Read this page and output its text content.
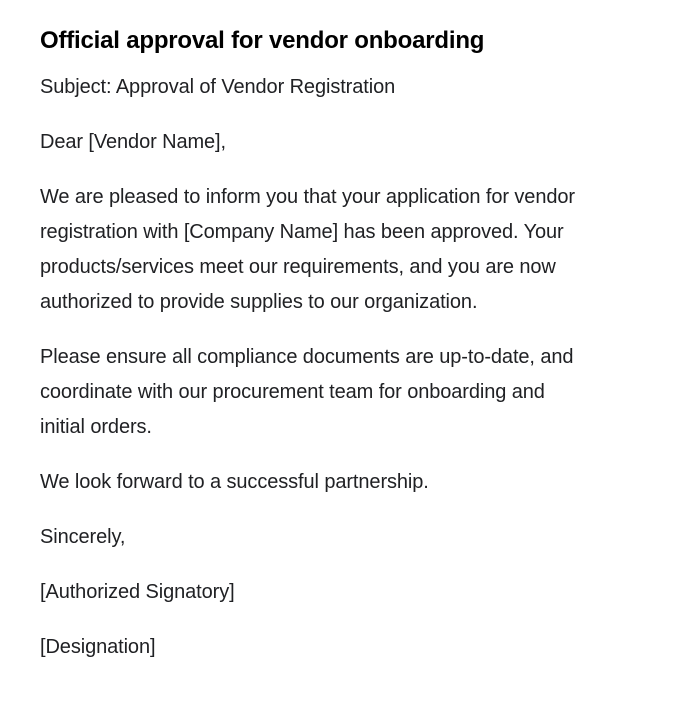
Official approval for vendor onboarding
Subject: Approval of Vendor Registration
Dear [Vendor Name],
We are pleased to inform you that your application for vendor
registration with [Company Name] has been approved. Your
products/services meet our requirements, and you are now
authorized to provide supplies to our organization.
Please ensure all compliance documents are up-to-date, and
coordinate with our procurement team for onboarding and
initial orders.
We look forward to a successful partnership.
Sincerely,
[Authorized Signatory]
[Designation]
